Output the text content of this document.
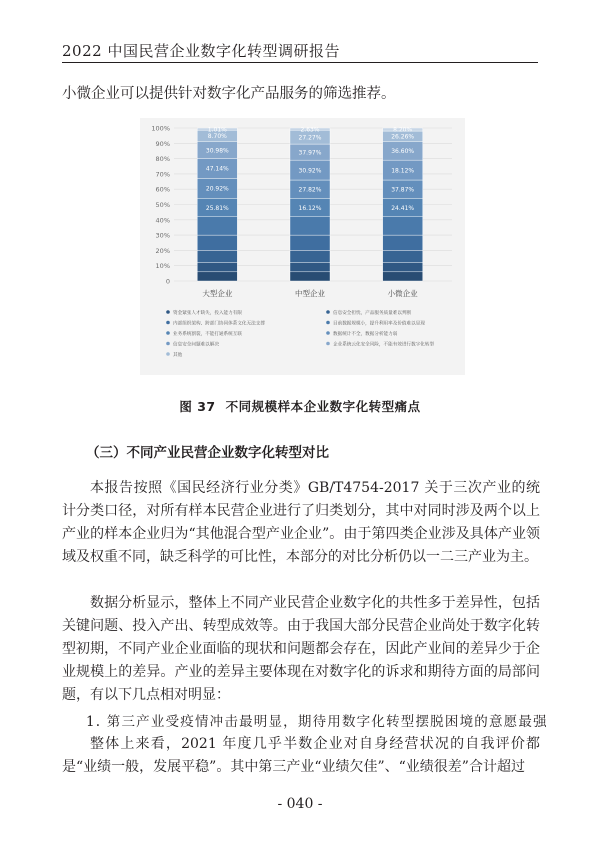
2022 中国民营企业数字化转型调研报告
小微企业可以提供针对数字化产品服务的筛选推荐。
0
10%
20%
30%
40%
50%
60%
70%
80%
90%
100%
25.81%
20.92%
47.14%
30.98%
8.70%
1.01%
大型企业
16.12%
27.82%
30.92%
37.97%
27.27%
2.63%
中型企业
24.41%
37.87%
18.12%
36.60%
26.26%
8.20%
小微企业
资金紧张人才缺失，投入能力有限	信息安全担忧，产品服务质量难以判断
内部组织架构、跨部门协同体系文化无法支撑	目前数据规模小，提升利用率及价值难以显现
业务系统割裂，不能打通系统互联	数据统计不全，数据分析能力弱
信息安全问题难以解决	企业系统云化安全风险，不能有效进行数字化转型
其他
图 37 不同规模样本企业数字化转型痛点
（三）不同产业民营企业数字化转型对比

本报告按照《国民经济行业分类》GB/T4754-2017 关于三次产业的统计分类口径，对所有样本民营企业进行了归类划分，其中对同时涉及两个以上产业的样本企业归为“其他混合型产业企业”。由于第四类企业涉及具体产业领域及权重不同，缺乏科学的可比性，本部分的对比分析仍以一二三产业为主。

数据分析显示，整体上不同产业民营企业数字化的共性多于差异性，包括关键问题、投入产出、转型成效等。由于我国大部分民营企业尚处于数字化转型初期，不同产业企业面临的现状和问题都会存在，因此产业间的差异少于企业规模上的差异。产业的差异主要体现在对数字化的诉求和期待方面的局部问题，有以下几点相对明显：

1. 第三产业受疫情冲击最明显，期待用数字化转型摆脱困境的意愿最强

整体上来看，2021 年度几乎半数企业对自身经营状况的自我评价都是“业绩一般，发展平稳”。其中第三产业“业绩欠佳”、“业绩很差”合计超过

- 040 -
